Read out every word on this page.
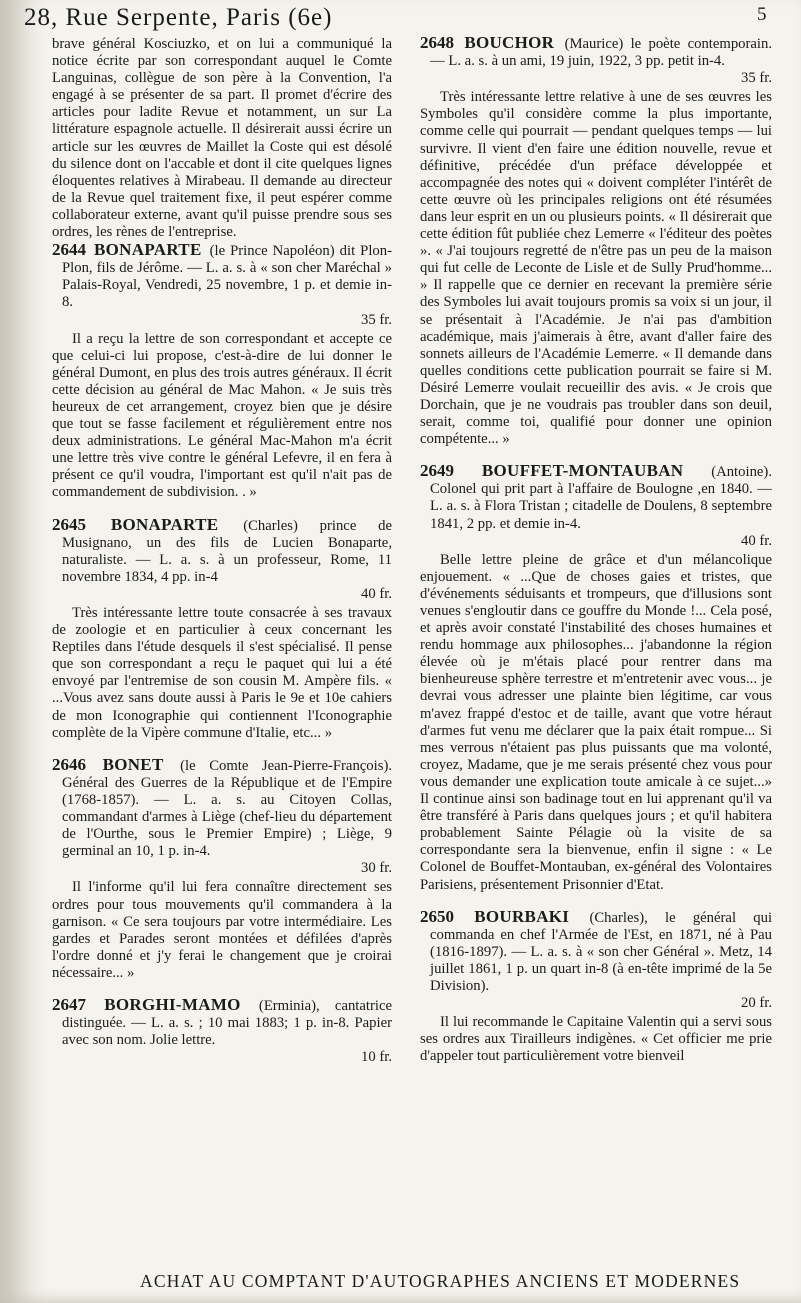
28, Rue Serpente, Paris (6e)	5

brave général Kosciuzko, et on lui a communiqué la notice écrite par son correspondant auquel le Comte Languinas, collègue de son père à la Convention, l'a engagé à se présenter de sa part. Il promet d'écrire des articles pour ladite Revue et notamment, un sur La littérature espagnole actuelle. Il désirerait aussi écrire un article sur les œuvres de Maillet la Coste qui est désolé du silence dont on l'accable et dont il cite quelques lignes éloquentes relatives à Mirabeau. Il demande au directeur de la Revue quel traitement fixe, il peut espérer comme collaborateur externe, avant qu'il puisse prendre sous ses ordres, les rènes de l'entreprise.

2644 BONAPARTE (le Prince Napoléon) dit Plon-Plon, fils de Jérôme. — L. a. s. à « son cher Maréchal » Palais-Royal, Vendredi, 25 novembre, 1 p. et demie in-8.

35 fr.

Il a reçu la lettre de son correspondant et accepte ce que celui-ci lui propose, c'est-à-dire de lui donner le général Dumont, en plus des trois autres généraux. Il écrit cette décision au général de Mac Mahon. « Je suis très heureux de cet arrangement, croyez bien que je désire que tout se fasse facilement et régulièrement entre nos deux administrations. Le général Mac-Mahon m'a écrit une lettre très vive contre le général Lefevre, il en fera à présent ce qu'il voudra, l'important est qu'il n'ait pas de commandement de subdivision. . »

2645 BONAPARTE (Charles) prince de Musignano, un des fils de Lucien Bonaparte, naturaliste. — L. a. s. à un professeur, Rome, 11 novembre 1834, 4 pp. in-4

40 fr.

Très intéressante lettre toute consacrée à ses travaux de zoologie et en particulier à ceux concernant les Reptiles dans l'étude desquels il s'est spécialisé. Il pense que son correspondant a reçu le paquet qui lui a été envoyé par l'entremise de son cousin M. Ampère fils. « ...Vous avez sans doute aussi à Paris le 9e et 10e cahiers de mon Iconographie qui contiennent l'Iconographie complète de la Vipère commune d'Italie, etc... »

2646 BONET (le Comte Jean-Pierre-François). Général des Guerres de la République et de l'Empire (1768-1857). — L. a. s. au Citoyen Collas, commandant d'armes à Liège (chef-lieu du département de l'Ourthe, sous le Premier Empire) ; Liège, 9 germinal an 10, 1 p. in-4.

30 fr.

Il l'informe qu'il lui fera connaître directement ses ordres pour tous mouvements qu'il commandera à la garnison. « Ce sera toujours par votre intermédiaire. Les gardes et Parades seront montées et défilées d'après l'ordre donné et j'y ferai le changement que je croirai nécessaire... »

2647 BORGHI-MAMO (Erminia), cantatrice distinguée. — L. a. s. ; 10 mai 1883; 1 p. in-8. Papier avec son nom. Jolie lettre.

10 fr.

2648 BOUCHOR (Maurice) le poète contemporain. — L. a. s. à un ami, 19 juin, 1922, 3 pp. petit in-4.

35 fr.

Très intéressante lettre relative à une de ses œuvres les Symboles qu'il considère comme la plus importante, comme celle qui pourrait — pendant quelques temps — lui survivre. Il vient d'en faire une édition nouvelle, revue et définitive, précédée d'un préface développée et accompagnée des notes qui « doivent compléter l'intérêt de cette œuvre où les principales religions ont été résumées dans leur esprit en un ou plusieurs points. « Il désirerait que cette édition fût publiée chez Lemerre « l'éditeur des poètes ». « J'ai toujours regretté de n'être pas un peu de la maison qui fut celle de Leconte de Lisle et de Sully Prud'homme... » Il rappelle que ce dernier en recevant la première série des Symboles lui avait toujours promis sa voix si un jour, il se présentait à l'Académie. Je n'ai pas d'ambition académique, mais j'aimerais à être, avant d'aller faire des sonnets ailleurs de l'Académie Lemerre. « Il demande dans quelles conditions cette publication pourrait se faire si M. Désiré Lemerre voulait recueillir des avis. « Je crois que Dorchain, que je ne voudrais pas troubler dans son deuil, serait, comme toi, qualifié pour donner une opinion compétente... »

2649 BOUFFET-MONTAUBAN (Antoine). Colonel qui prit part à l'affaire de Boulogne ,en 1840. — L. a. s. à Flora Tristan ; citadelle de Doulens, 8 septembre 1841, 2 pp. et demie in-4.

40 fr.

Belle lettre pleine de grâce et d'un mélancolique enjouement. « ...Que de choses gaies et tristes, que d'événements séduisants et trompeurs, que d'illusions sont venues s'engloutir dans ce gouffre du Monde !... Cela posé, et après avoir constaté l'instabilité des choses humaines et rendu hommage aux philosophes... j'abandonne la région élevée où je m'étais placé pour rentrer dans ma bienheureuse sphère terrestre et m'entretenir avec vous... je devrai vous adresser une plainte bien légitime, car vous m'avez frappé d'estoc et de taille, avant que votre héraut d'armes fut venu me déclarer que la paix était rompue... Si mes verrous n'étaient pas plus puissants que ma volonté, croyez, Madame, que je me serais présenté chez vous pour vous demander une explication toute amicale à ce sujet...» Il continue ainsi son badinage tout en lui apprenant qu'il va être transféré à Paris dans quelques jours ; et qu'il habitera probablement Sainte Pélagie où la visite de sa correspondante sera la bienvenue, enfin il signe : « Le Colonel de Bouffet-Montauban, ex-général des Volontaires Parisiens, présentement Prisonnier d'Etat.

2650 BOURBAKI (Charles), le général qui commanda en chef l'Armée de l'Est, en 1871, né à Pau (1816-1897). — L. a. s. à « son cher Général ». Metz, 14 juillet 1861, 1 p. un quart in-8 (à en-tête imprimé de la 5e Division).

20 fr.

Il lui recommande le Capitaine Valentin qui a servi sous ses ordres aux Tirailleurs indigènes. « Cet officier me prie d'appeler tout particulièrement votre bienveil

ACHAT AU COMPTANT D'AUTOGRAPHES ANCIENS ET MODERNES
